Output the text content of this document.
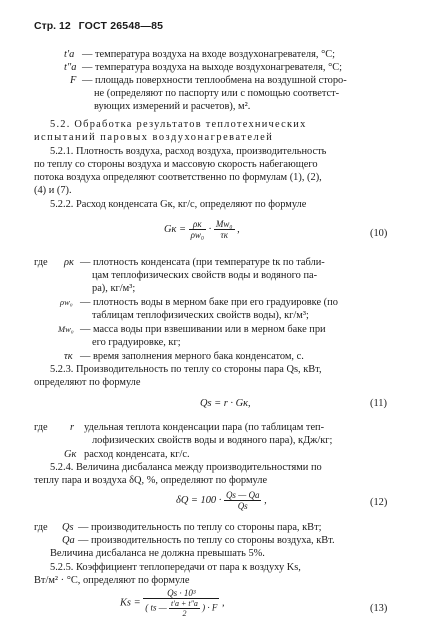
Стр. 12 ГОСТ 26548—85
t′a — температура воздуха на входе воздухонагревателя, °С;
t″a — температура воздуха на выходе воздухонагревателя, °С;
F — площадь поверхности теплообмена на воздушной сторо-
не (определяют по паспорту или с помощью соответст-
вующих измерений и расчетов), м².
5.2. Обработка результатов теплотехнических
испытаний паровых воздухонагревателей
5.2.1. Плотность воздуха, расход воздуха, производительность
по теплу со стороны воздуха и массовую скорость набегающего
потока воздуха определяют соответственно по формулам (1), (2),
(4) и (7).
5.2.2. Расход конденсата Gк, кг/с, определяют по формуле
Gк = $\frac{\rho к}{\text{ρw₀}} \cdot \frac{\text{Mw₀}}{\tau к}$ ,	(10)
где ρк — плотность конденсата (при температуре tк по табли-
цам теплофизических свойств воды и водяного па-
ра), кг/м³;
ρw₀ — плотность воды в мерном баке при его градуировке (по
таблицам теплофизических свойств воды), кг/м³;
Mw₀ — масса воды при взвешивании или в мерном баке при
его градуировке, кг;
τк — время заполнения мерного бака конденсатом, с.
5.2.3. Производительность по теплу со стороны пара Qs, кВт,
определяют по формуле
Qs = r · Gк,	(11)
где r удельная теплота конденсации пара (по таблицам теп-
лофизических свойств воды и водяного пара), кДж/кг;
Gк расход конденсата, кг/с.
5.2.4. Величина дисбаланса между производительностями по
теплу пара и воздуха δQ, %, определяют по формуле
$\delta Q = 100 \cdot \frac{Qs — Qa}{Qs}$ ,	(12)
где Qs — производительность по теплу со стороны пара, кВт;
Qa — производительность по теплу со стороны воздуха, кВт.
Величина дисбаланса не должна превышать 5%.
5.2.5. Коэффициент теплопередачи от пара к воздуху Ks,
Вт/м² · °С, определяют по формуле
Ks =
Qs · 10³
( ts — $\frac{t'a + t''a}{2}$ ) · F ,
(13)
